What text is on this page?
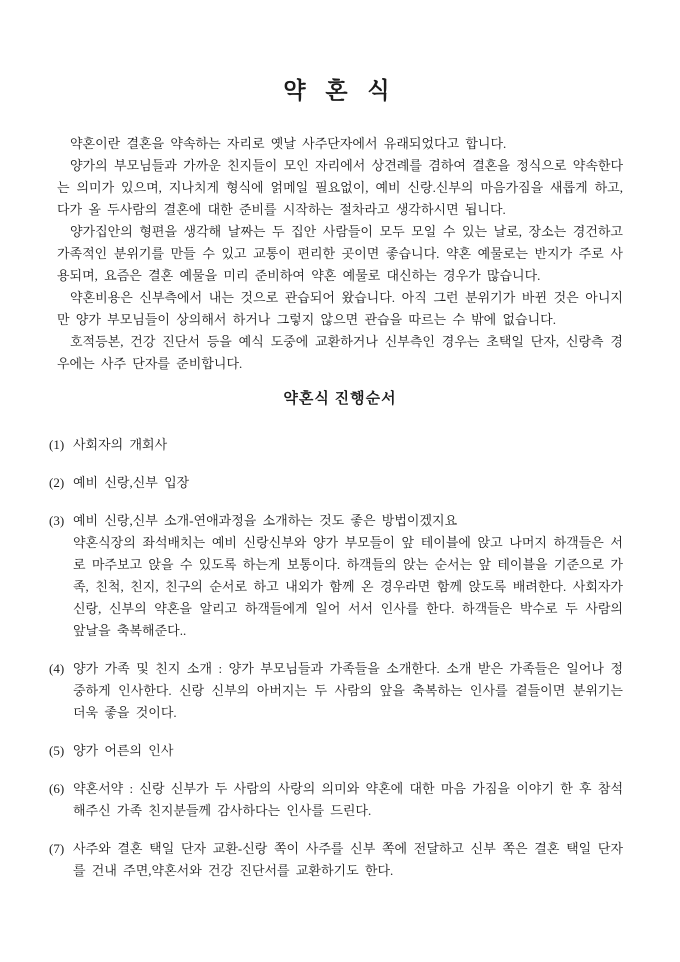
약 혼 식

약혼이란 결혼을 약속하는 자리로 옛날 사주단자에서 유래되었다고 합니다.

양가의 부모님들과 가까운 친지들이 모인 자리에서 상견례를 겸하여 결혼을 정식으로 약속한다는 의미가 있으며, 지나치게 형식에 얽메일 필요없이, 예비 신랑.신부의 마음가짐을 새롭게 하고, 다가 올 두사람의 결혼에 대한 준비를 시작하는 절차라고 생각하시면 됩니다.

양가집안의 형편을 생각해 날짜는 두 집안 사람들이 모두 모일 수 있는 날로, 장소는 경건하고 가족적인 분위기를 만들 수 있고 교통이 편리한 곳이면 좋습니다. 약혼 예물로는 반지가 주로 사용되며, 요즘은 결혼 예물을 미리 준비하여 약혼 예물로 대신하는 경우가 많습니다.

약혼비용은 신부측에서 내는 것으로 관습되어 왔습니다. 아직 그런 분위기가 바뀐 것은 아니지만 양가 부모님들이 상의해서 하거나 그렇지 않으면 관습을 따르는 수 밖에 없습니다.

호적등본, 건강 진단서 등을 예식 도중에 교환하거나 신부측인 경우는 초택일 단자, 신랑측 경우에는 사주 단자를 준비합니다.

약혼식 진행순서
(1) 사회자의 개회사
(2) 예비 신랑,신부 입장
(3) 예비 신랑,신부 소개-연애과정을 소개하는 것도 좋은 방법이겠지요
약혼식장의 좌석배치는 예비 신랑신부와 양가 부모들이 앞 테이블에 앉고 나머지 하객들은 서로 마주보고 앉을 수 있도록 하는게 보통이다. 하객들의 앉는 순서는 앞 테이블을 기준으로 가족, 친척, 친지, 친구의 순서로 하고 내외가 함께 온 경우라면 함께 앉도록 배려한다. 사회자가 신랑, 신부의 약혼을 알리고 하객들에게 일어 서서 인사를 한다. 하객들은 박수로 두 사람의 앞날을 축복해준다..
(4) 양가 가족 및 친지 소개 : 양가 부모님들과 가족들을 소개한다. 소개 받은 가족들은 일어나 정중하게 인사한다. 신랑 신부의 아버지는 두 사람의 앞을 축복하는 인사를 곁들이면 분위기는 더욱 좋을 것이다.
(5) 양가 어른의 인사
(6) 약혼서약 : 신랑 신부가 두 사람의 사랑의 의미와 약혼에 대한 마음 가짐을 이야기 한 후 참석해주신 가족 친지분들께 감사하다는 인사를 드린다.
(7) 사주와 결혼 택일 단자 교환-신랑 쪽이 사주를 신부 쪽에 전달하고 신부 쪽은 결혼 택일 단자를 건내 주면,약혼서와 건강 진단서를 교환하기도 한다.
